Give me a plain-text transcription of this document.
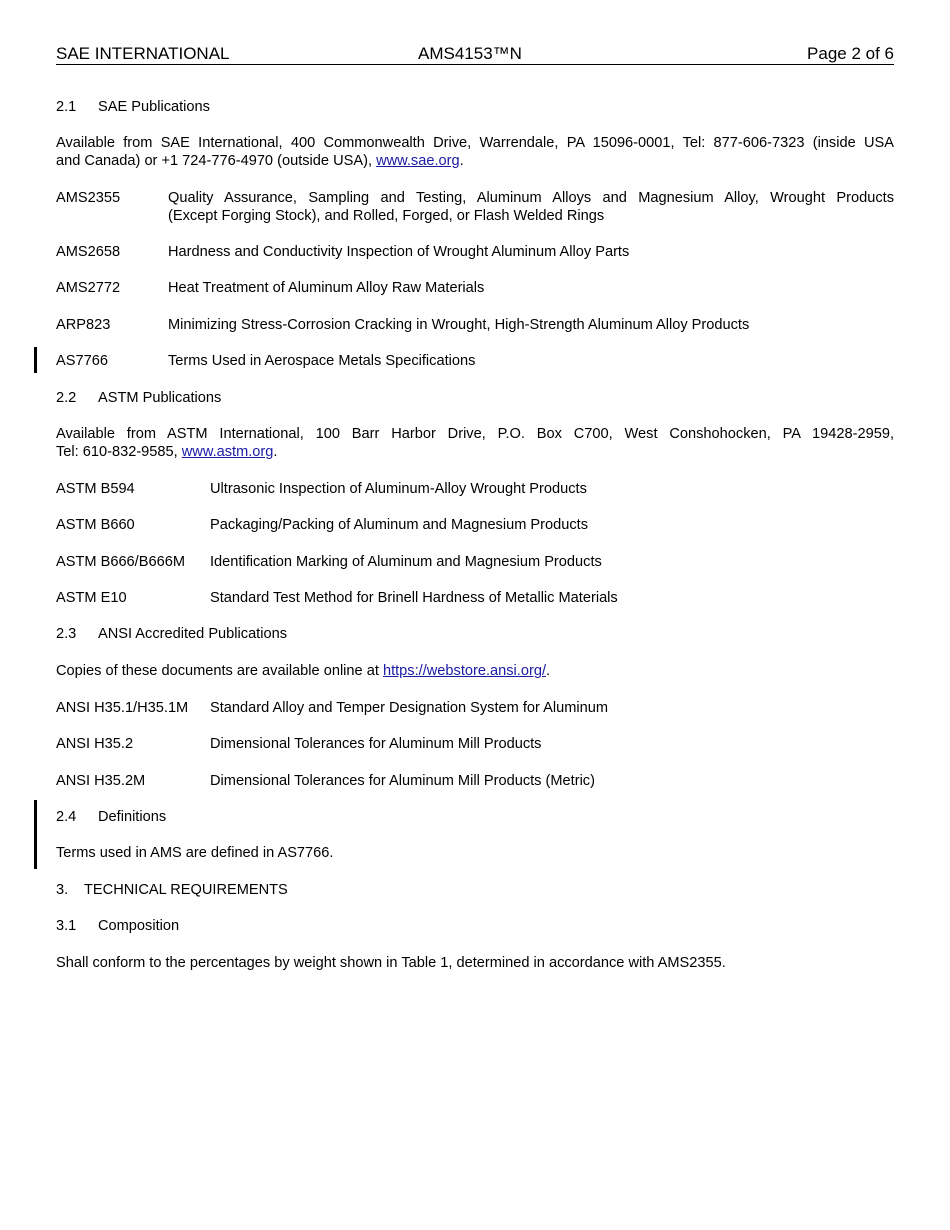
SAE INTERNATIONAL	AMS4153™N	Page 2 of 6
2.1 SAE Publications
Available from SAE International, 400 Commonwealth Drive, Warrendale, PA 15096-0001, Tel: 877-606-7323 (inside USA
and Canada) or +1 724-776-4970 (outside USA), www.sae.org.
AMS2355	Quality Assurance, Sampling and Testing, Aluminum Alloys and Magnesium Alloy, Wrought Products
(Except Forging Stock), and Rolled, Forged, or Flash Welded Rings
AMS2658	Hardness and Conductivity Inspection of Wrought Aluminum Alloy Parts
AMS2772	Heat Treatment of Aluminum Alloy Raw Materials
ARP823	Minimizing Stress-Corrosion Cracking in Wrought, High-Strength Aluminum Alloy Products
AS7766	Terms Used in Aerospace Metals Specifications
2.2 ASTM Publications
Available from ASTM International, 100 Barr Harbor Drive, P.O. Box C700, West Conshohocken, PA 19428-2959,
Tel: 610-832-9585, www.astm.org.
ASTM B594	Ultrasonic Inspection of Aluminum-Alloy Wrought Products
ASTM B660	Packaging/Packing of Aluminum and Magnesium Products
ASTM B666/B666M Identification Marking of Aluminum and Magnesium Products
ASTM E10	Standard Test Method for Brinell Hardness of Metallic Materials
2.3 ANSI Accredited Publications
Copies of these documents are available online at https://webstore.ansi.org/.
ANSI H35.1/H35.1M Standard Alloy and Temper Designation System for Aluminum
ANSI H35.2	Dimensional Tolerances for Aluminum Mill Products
ANSI H35.2M	Dimensional Tolerances for Aluminum Mill Products (Metric)
2.4 Definitions
Terms used in AMS are defined in AS7766.
3. TECHNICAL REQUIREMENTS
3.1 Composition
Shall conform to the percentages by weight shown in Table 1, determined in accordance with AMS2355.
